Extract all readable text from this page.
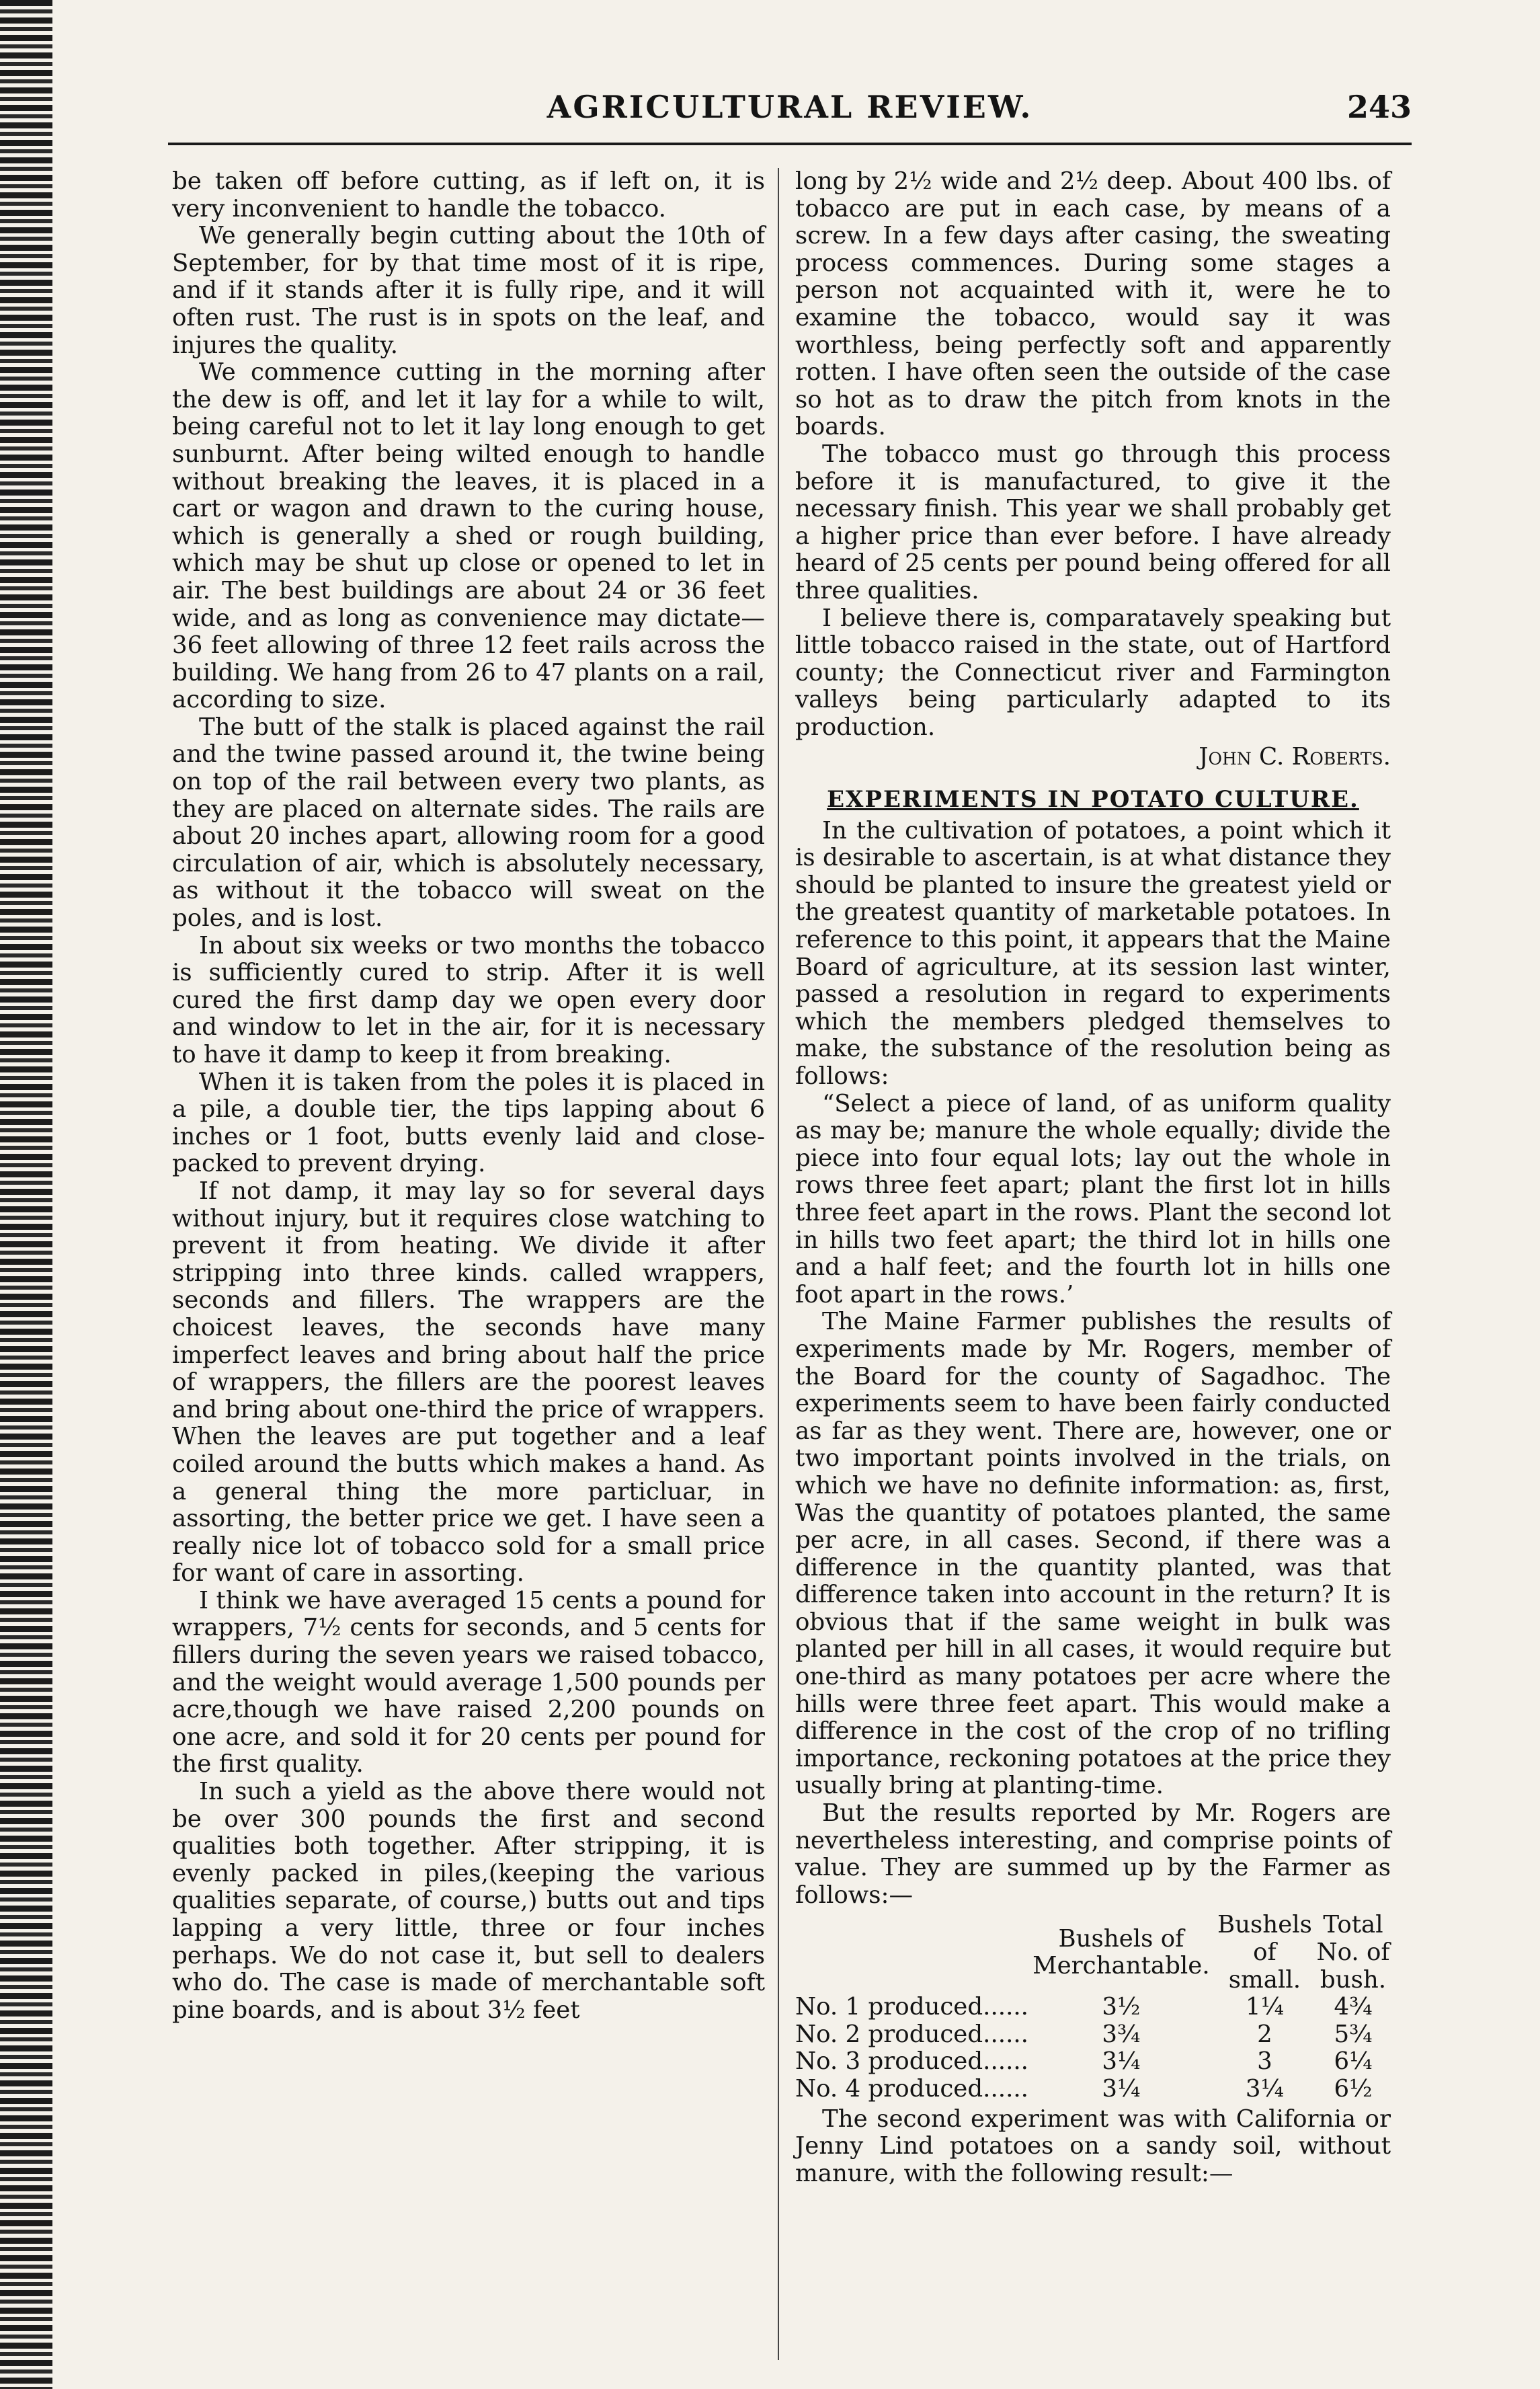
AGRICULTURAL REVIEW.	243

be taken off before cutting, as if left on, it is very inconvenient to handle the tobacco.

We generally begin cutting about the 10th of September, for by that time most of it is ripe, and if it stands after it is fully ripe, and it will often rust. The rust is in spots on the leaf, and injures the quality.

We commence cutting in the morning after the dew is off, and let it lay for a while to wilt, being careful not to let it lay long enough to get sunburnt. After being wilted enough to handle without breaking the leaves, it is placed in a cart or wagon and drawn to the curing house, which is generally a shed or rough building, which may be shut up close or opened to let in air. The best buildings are about 24 or 36 feet wide, and as long as convenience may dictate—36 feet allowing of three 12 feet rails across the building. We hang from 26 to 47 plants on a rail, according to size.

The butt of the stalk is placed against the rail and the twine passed around it, the twine being on top of the rail between every two plants, as they are placed on alternate sides. The rails are about 20 inches apart, allowing room for a good circulation of air, which is absolutely necessary, as without it the tobacco will sweat on the poles, and is lost.

In about six weeks or two months the tobacco is sufficiently cured to strip. After it is well cured the first damp day we open every door and window to let in the air, for it is necessary to have it damp to keep it from breaking.

When it is taken from the poles it is placed in a pile, a double tier, the tips lapping about 6 inches or 1 foot, butts evenly laid and close-packed to prevent drying.

If not damp, it may lay so for several days without injury, but it requires close watching to prevent it from heating. We divide it after stripping into three kinds. called wrappers, seconds and fillers. The wrappers are the choicest leaves, the seconds have many imperfect leaves and bring about half the price of wrappers, the fillers are the poorest leaves and bring about one-third the price of wrappers. When the leaves are put together and a leaf coiled around the butts which makes a hand. As a general thing the more particluar, in assorting, the better price we get. I have seen a really nice lot of tobacco sold for a small price for want of care in assorting.

I think we have averaged 15 cents a pound for wrappers, 7½ cents for seconds, and 5 cents for fillers during the seven years we raised tobacco, and the weight would average 1,500 pounds per acre,though we have raised 2,200 pounds on one acre, and sold it for 20 cents per pound for the first quality.

In such a yield as the above there would not be over 300 pounds the first and second qualities both together. After stripping, it is evenly packed in piles,(keeping the various qualities separate, of course,) butts out and tips lapping a very little, three or four inches perhaps. We do not case it, but sell to dealers who do. The case is made of merchantable soft pine boards, and is about 3½ feet

long by 2½ wide and 2½ deep. About 400 lbs. of tobacco are put in each case, by means of a screw. In a few days after casing, the sweating process commences. During some stages a person not acquainted with it, were he to examine the tobacco, would say it was worthless, being perfectly soft and apparently rotten. I have often seen the outside of the case so hot as to draw the pitch from knots in the boards.

The tobacco must go through this process before it is manufactured, to give it the necessary finish. This year we shall probably get a higher price than ever before. I have already heard of 25 cents per pound being offered for all three qualities.

I believe there is, comparatavely speaking but little tobacco raised in the state, out of Hartford county; the Connecticut river and Farmington valleys being particularly adapted to its production.

John C. Roberts.
EXPERIMENTS IN POTATO CULTURE.

In the cultivation of potatoes, a point which it is desirable to ascertain, is at what distance they should be planted to insure the greatest yield or the greatest quantity of marketable potatoes. In reference to this point, it appears that the Maine Board of agriculture, at its session last winter, passed a resolution in regard to experiments which the members pledged themselves to make, the substance of the resolution being as follows:

“Select a piece of land, of as uniform quality as may be; manure the whole equally; divide the piece into four equal lots; lay out the whole in rows three feet apart; plant the first lot in hills three feet apart in the rows. Plant the second lot in hills two feet apart; the third lot in hills one and a half feet; and the fourth lot in hills one foot apart in the rows.’

The Maine Farmer publishes the results of experiments made by Mr. Rogers, member of the Board for the county of Sagadhoc. The experiments seem to have been fairly conducted as far as they went. There are, however, one or two important points involved in the trials, on which we have no definite information: as, first, Was the quantity of potatoes planted, the same per acre, in all cases. Second, if there was a difference in the quantity planted, was that difference taken into account in the return? It is obvious that if the same weight in bulk was planted per hill in all cases, it would require but one-third as many potatoes per acre where the hills were three feet apart. This would make a difference in the cost of the crop of no trifling importance, reckoning potatoes at the price they usually bring at planting-time.

But the results reported by Mr. Rogers are nevertheless interesting, and comprise points of value. They are summed up by the Farmer as follows:—

	Bushels of Merchantable.	Bushels of small.	Total No. of bush.
No. 1 produced......	3½	1¼	4¾
No. 2 produced......	3¾	2	5¾
No. 3 produced......	3¼	3	6¼
No. 4 produced......	3¼	3¼	6½

The second experiment was with California or Jenny Lind potatoes on a sandy soil, without manure, with the following result:—
